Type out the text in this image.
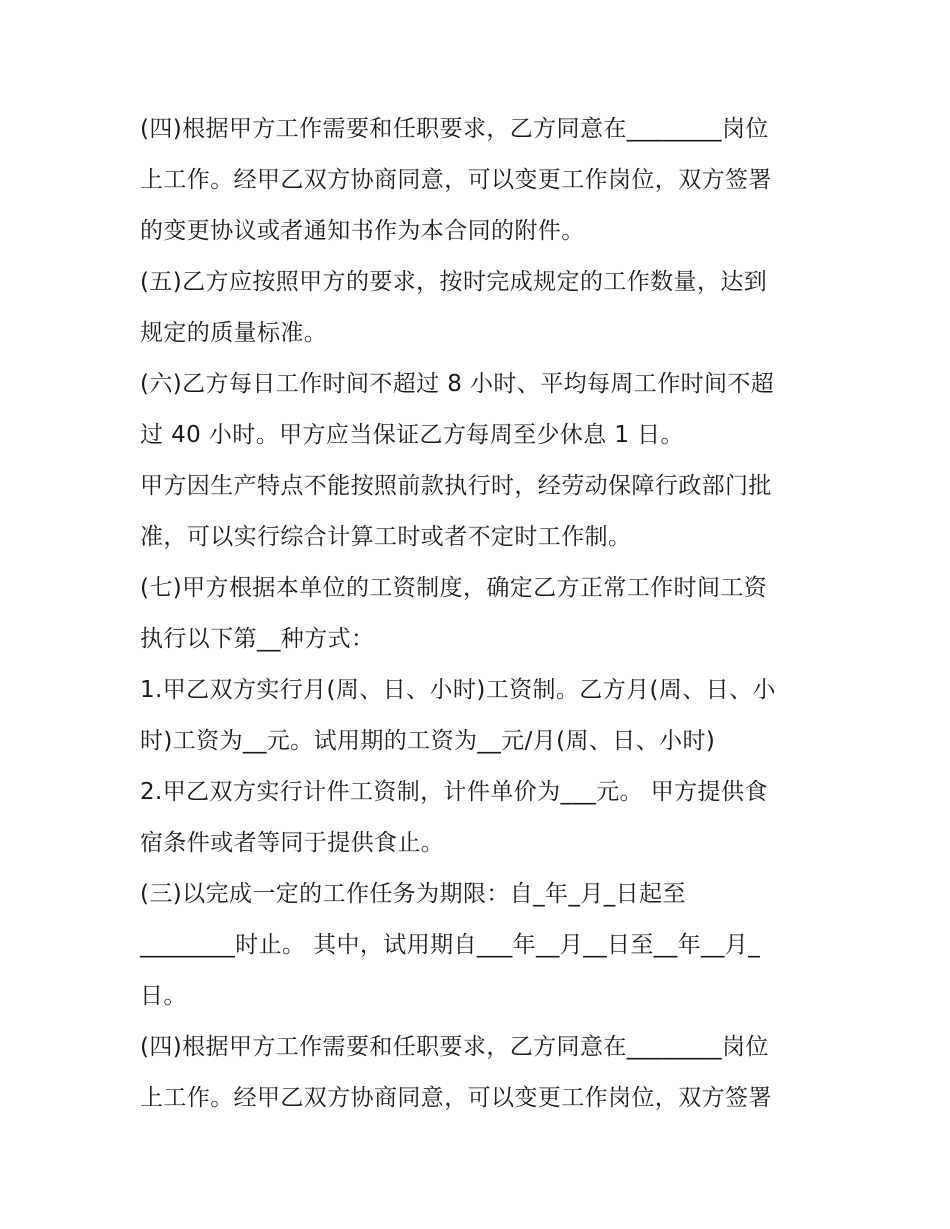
(四)根据甲方工作需要和任职要求，乙方同意在________岗位
上工作。经甲乙双方协商同意，可以变更工作岗位，双方签署
的变更协议或者通知书作为本合同的附件。
(五)乙方应按照甲方的要求，按时完成规定的工作数量，达到
规定的质量标准。
(六)乙方每日工作时间不超过 8 小时、平均每周工作时间不超
过 40 小时。甲方应当保证乙方每周至少休息 1 日。
甲方因生产特点不能按照前款执行时，经劳动保障行政部门批
准，可以实行综合计算工时或者不定时工作制。
(七)甲方根据本单位的工资制度，确定乙方正常工作时间工资
执行以下第__种方式：
1.甲乙双方实行月(周、日、小时)工资制。乙方月(周、日、小
时)工资为__元。试用期的工资为__元/月(周、日、小时)
2.甲乙双方实行计件工资制，计件单价为___元。 甲方提供食
宿条件或者等同于提供食止。
(三)以完成一定的工作任务为期限：自_年_月_日起至
________时止。 其中，试用期自___年__月__日至__年__月_
日。
(四)根据甲方工作需要和任职要求，乙方同意在________岗位
上工作。经甲乙双方协商同意，可以变更工作岗位，双方签署
